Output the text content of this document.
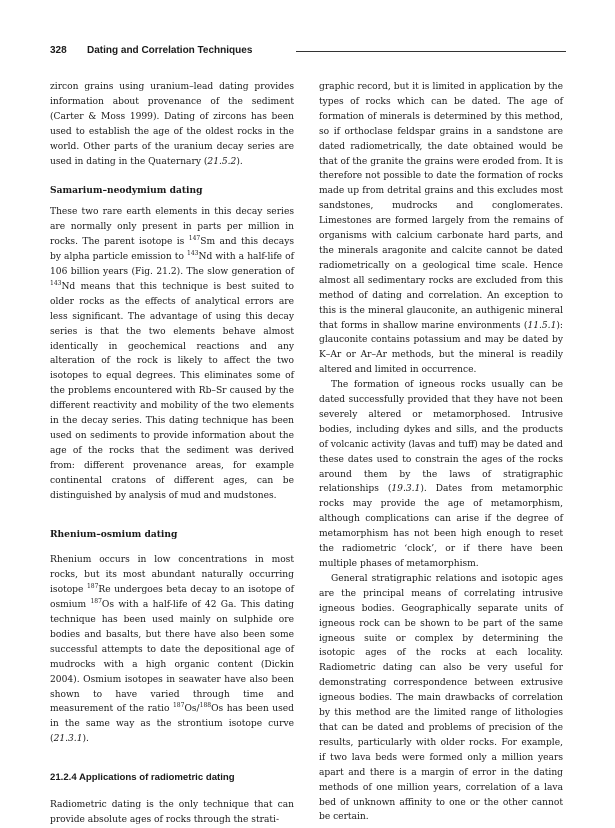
328 Dating and Correlation Techniques

zircon grains using uranium–lead dating provides information about provenance of the sediment (Carter & Moss 1999). Dating of zircons has been used to establish the age of the oldest rocks in the world. Other parts of the uranium decay series are used in dating in the Quaternary (21.5.2).

Samarium–neodymium dating

These two rare earth elements in this decay series are normally only present in parts per million in rocks. The parent isotope is $^{147}$Sm and this decays by alpha particle emission to $^{143}$Nd with a half-life of 106 billion years (Fig. 21.2). The slow generation of $^{143}$Nd means that this technique is best suited to older rocks as the effects of analytical errors are less significant. The advantage of using this decay series is that the two elements behave almost identically in geochemical reactions and any alteration of the rock is likely to affect the two isotopes to equal degrees. This eliminates some of the problems encountered with Rb–Sr caused by the different reactivity and mobility of the two elements in the decay series. This dating technique has been used on sediments to provide information about the age of the rocks that the sediment was derived from: different provenance areas, for example continental cratons of different ages, can be distinguished by analysis of mud and mudstones.

Rhenium–osmium dating

Rhenium occurs in low concentrations in most rocks, but its most abundant naturally occurring isotope $^{187}$Re undergoes beta decay to an isotope of osmium $^{187}$Os with a half-life of 42 Ga. This dating technique has been used mainly on sulphide ore bodies and basalts, but there have also been some successful attempts to date the depositional age of mudrocks with a high organic content (Dickin 2004). Osmium isotopes in seawater have also been shown to have varied through time and measurement of the ratio $^{187}$Os/$^{188}$Os has been used in the same way as the strontium isotope curve (21.3.1).

21.2.4 Applications of radiometric dating

Radiometric dating is the only technique that can provide absolute ages of rocks through the strati-

graphic record, but it is limited in application by the types of rocks which can be dated. The age of formation of minerals is determined by this method, so if orthoclase feldspar grains in a sandstone are dated radiometrically, the date obtained would be that of the granite the grains were eroded from. It is therefore not possible to date the formation of rocks made up from detrital grains and this excludes most sandstones, mudrocks and conglomerates. Limestones are formed largely from the remains of organisms with calcium carbonate hard parts, and the minerals aragonite and calcite cannot be dated radiometrically on a geological time scale. Hence almost all sedimentary rocks are excluded from this method of dating and correlation. An exception to this is the mineral glauconite, an authigenic mineral that forms in shallow marine environments (11.5.1): glauconite contains potassium and may be dated by K–Ar or Ar–Ar methods, but the mineral is readily altered and limited in occurrence.

The formation of igneous rocks usually can be dated successfully provided that they have not been severely altered or metamorphosed. Intrusive bodies, including dykes and sills, and the products of volcanic activity (lavas and tuff) may be dated and these dates used to constrain the ages of the rocks around them by the laws of stratigraphic relationships (19.3.1). Dates from metamorphic rocks may provide the age of metamorphism, although complications can arise if the degree of metamorphism has not been high enough to reset the radiometric ‘clock’, or if there have been multiple phases of metamorphism.

General stratigraphic relations and isotopic ages are the principal means of correlating intrusive igneous bodies. Geographically separate units of igneous rock can be shown to be part of the same igneous suite or complex by determining the isotopic ages of the rocks at each locality. Radiometric dating can also be very useful for demonstrating correspondence between extrusive igneous bodies. The main drawbacks of correlation by this method are the limited range of lithologies that can be dated and problems of precision of the results, particularly with older rocks. For example, if two lava beds were formed only a million years apart and there is a margin of error in the dating methods of one million years, correlation of a lava bed of unknown affinity to one or the other cannot be certain.
